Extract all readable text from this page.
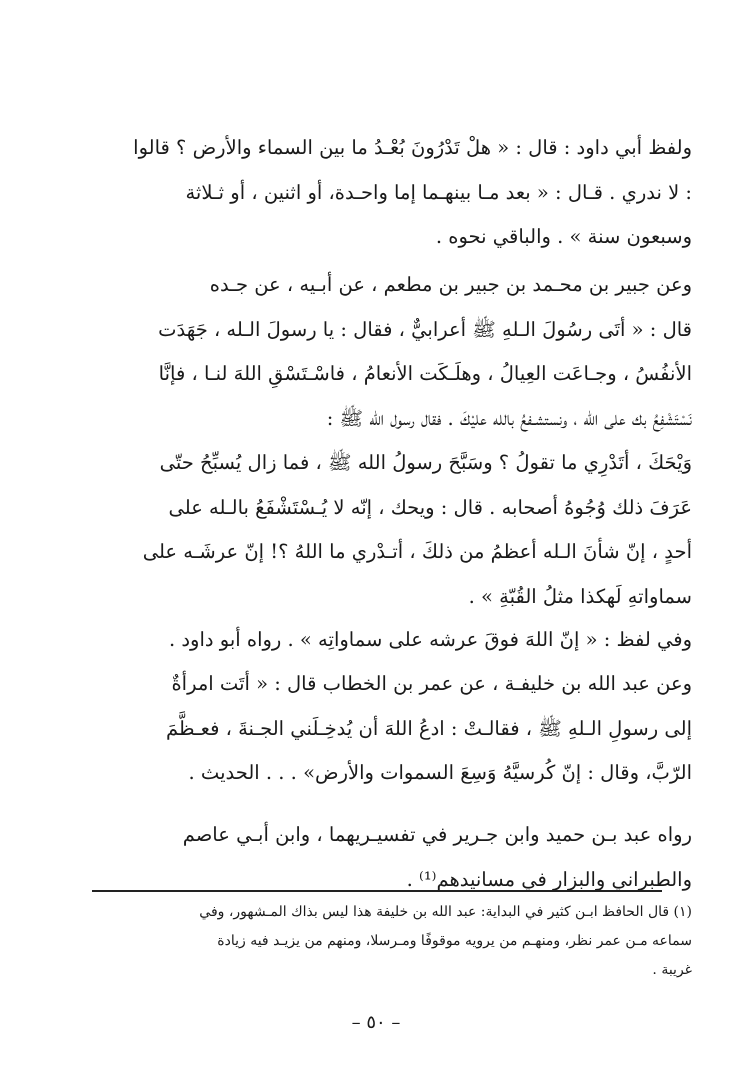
ولفظ أبي داود : قال : « هلْ تَدْرُونَ بُعْـدُ ما بين السماء والأرض ؟ قالوا
: لا ندري . قـال : « بعد مـا بينهـما إما واحـدة، أو اثنين ، أو ثـلاثة
وسبعون سنة » . والباقي نحوه .
وعن جبير بن محـمد بن جبير بن مطعم ، عن أبـيه ، عن جـده
قال : « أتَى رسُولَ الـلهِ ﷺ أعرابيٌّ ، فقال : يا رسولَ الـله ، جَهَدَت
الأنفُسُ ، وجـاعَت العِيالُ ، وهلَـكَت الأنعامُ ، فاسْـتَسْقِ اللهَ لنـا ، فإنَّا
نَسْتَشْفِعُ بك على الله ، ونستشـفعُ بالله عليْكَ . فقال رسول الله ﷺ :
وَيْحَكَ ، أتَدْرِي ما تقولُ ؟ وسَبَّحَ رسولُ الله ﷺ ، فما زال يُسبِّحُ حتّى
عَرَفَ ذلك وُجُوهُ أصحابه . قال : ويحك ، إنّه لا يُـسْتَشْفَعُ بالـله على
أحدٍ ، إنّ شأنَ الـله أعظمُ من ذلكَ ، أتـدْري ما اللهُ ؟! إنّ عرشَـه على
سماواتهِ لَهكذا مثلُ القُبّةِ » .
وفي لفظ : « إنّ اللهَ فوقَ عرشه على سماواتِه » . رواه أبو داود .
وعن عبد الله بن خليفـة ، عن عمر بن الخطاب قال : « أتَت امرأةٌ
إلى رسولِ الـلهِ ﷺ ، فقالـتْ : ادعُ اللهَ أن يُدخِـلَني الجـنةَ ، فعـظَّمَ
الرّبَّ، وقال : إنّ كُرسيَّهُ وَسِعَ السموات والأرض» . . . الحديث .
رواه عبد بـن حميد وابن جـرير في تفسيـريهما ، وابن أبـي عاصم
والطبراني والبزار في مسانيدهم⁽¹⁾ .
(١) قال الحافظ ابـن كثير في البداية: عبد الله بن خليفة هذا ليس بذاك المـشهور، وفي
سماعه مـن عمر نظر، ومنهـم من يرويه موقوفًا ومـرسلا، ومنهم من يزيـد فيه زيادة
غريبة .
– ٥٠ –
